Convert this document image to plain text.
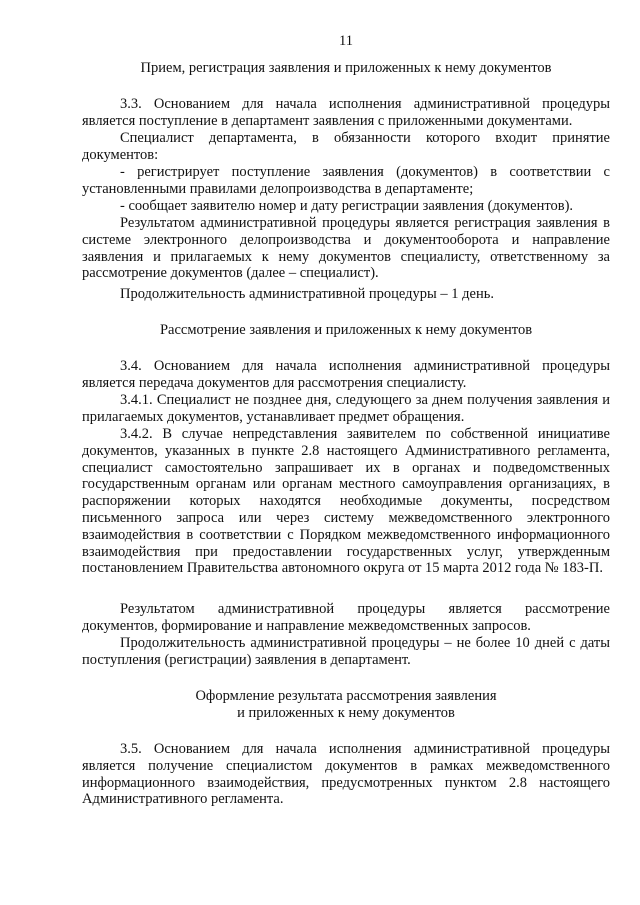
11
Прием, регистрация заявления и приложенных к нему документов

3.3. Основанием для начала исполнения административной процедуры является поступление в департамент заявления с приложенными документами.

Специалист департамента, в обязанности которого входит принятие документов:

- регистрирует поступление заявления (документов) в соответствии с установленными правилами делопроизводства в департаменте;

- сообщает заявителю номер и дату регистрации заявления (документов).

Результатом административной процедуры является регистрация заявления в системе электронного делопроизводства и документооборота и направление заявления и прилагаемых к нему документов специалисту, ответственному за рассмотрение документов (далее – специалист).

Продолжительность административной процедуры – 1 день.

Рассмотрение заявления и приложенных к нему документов

3.4. Основанием для начала исполнения административной процедуры является передача документов для рассмотрения специалисту.

3.4.1. Специалист не позднее дня, следующего за днем получения заявления и прилагаемых документов, устанавливает предмет обращения.

3.4.2. В случае непредставления заявителем по собственной инициативе документов, указанных в пункте 2.8 настоящего Административного регламента, специалист самостоятельно запрашивает их в органах и подведомственных государственным органам или органам местного самоуправления организациях, в распоряжении которых находятся необходимые документы, посредством письменного запроса или через систему межведомственного электронного взаимодействия в соответствии с Порядком межведомственного информационного взаимодействия при предоставлении государственных услуг, утвержденным постановлением Правительства автономного округа от 15 марта 2012 года № 183-П.

Результатом административной процедуры является рассмотрение документов, формирование и направление межведомственных запросов.

Продолжительность административной процедуры – не более 10 дней с даты поступления (регистрации) заявления в департамент.

Оформление результата рассмотрения заявления
и приложенных к нему документов

3.5. Основанием для начала исполнения административной процедуры является получение специалистом документов в рамках межведомственного информационного взаимодействия, предусмотренных пунктом 2.8 настоящего Административного регламента.
